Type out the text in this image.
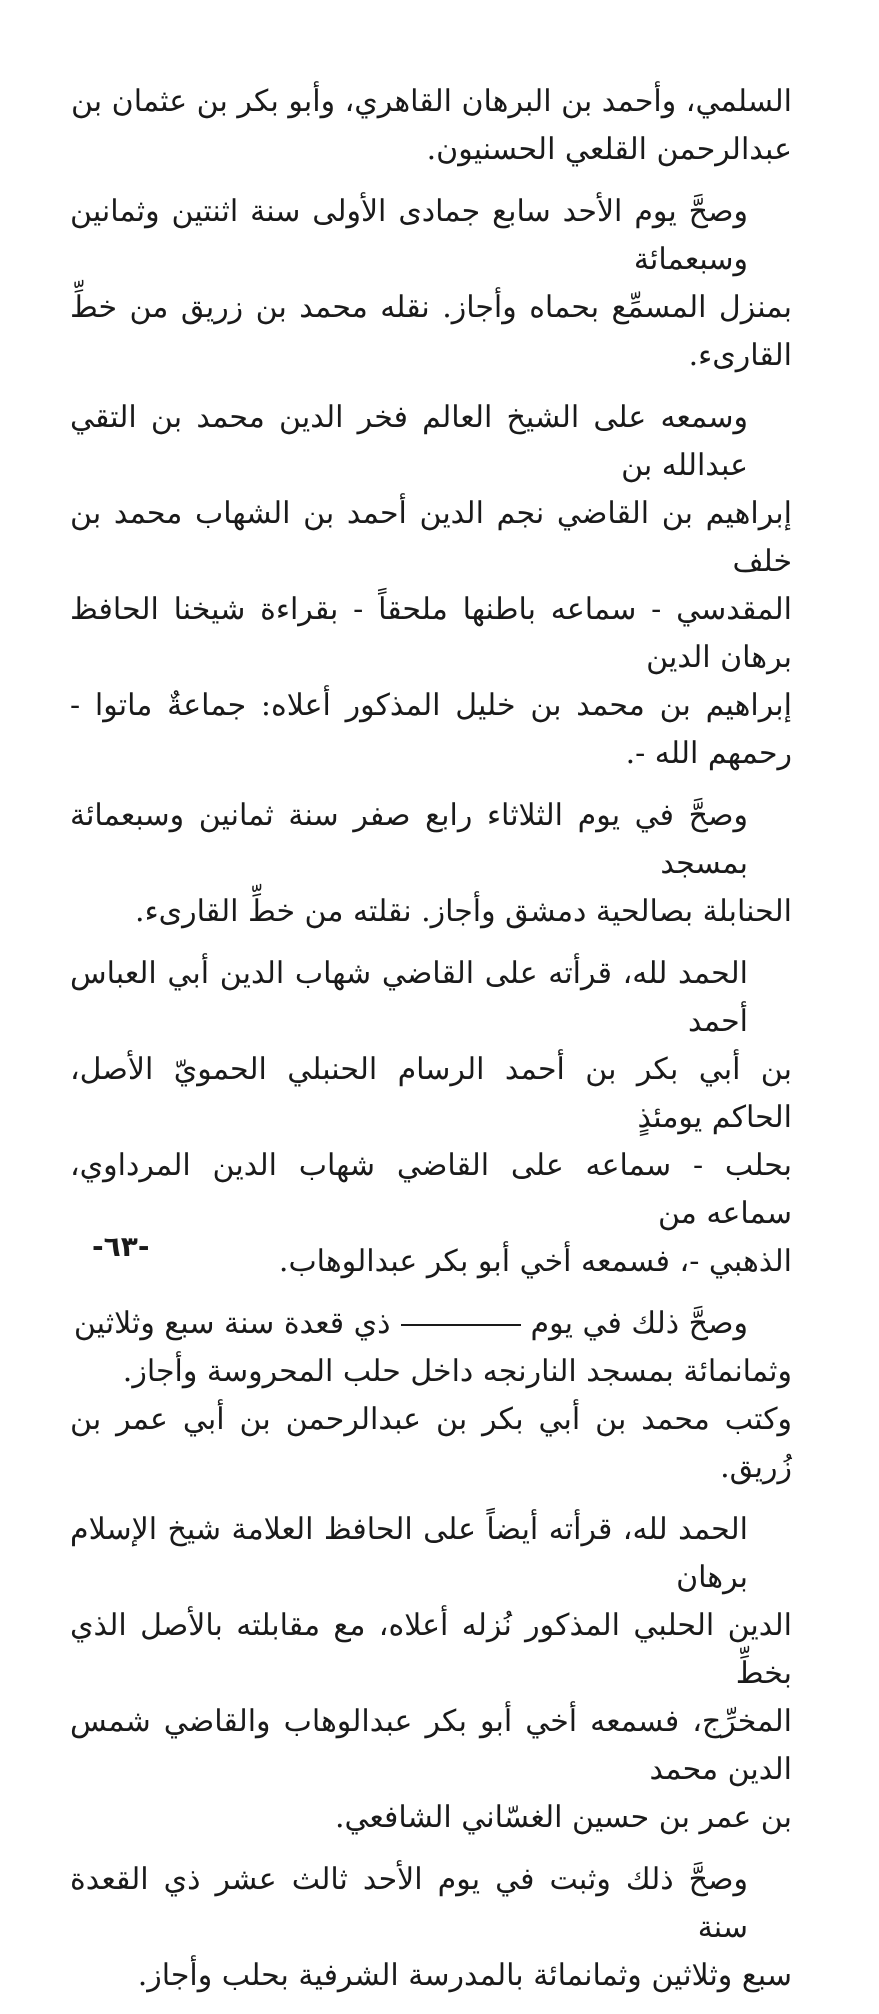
السلمي، وأحمد بن البرهان القاهري، وأبو بكر بن عثمان بن
عبدالرحمن القلعي الحسنيون.
وصحَّ يوم الأحد سابع جمادى الأولى سنة اثنتين وثمانين وسبعمائة
بمنزل المسمِّع بحماه وأجاز. نقله محمد بن زريق من خطِّ القارىء.
وسمعه على الشيخ العالم فخر الدين محمد بن التقي عبدالله بن
إبراهيم بن القاضي نجم الدين أحمد بن الشهاب محمد بن خلف
المقدسي - سماعه باطنها ملحقاً - بقراءة شيخنا الحافظ برهان الدين
إبراهيم بن محمد بن خليل المذكور أعلاه: جماعةٌ ماتوا - رحمهم الله -.
وصحَّ في يوم الثلاثاء رابع صفر سنة ثمانين وسبعمائة بمسجد
الحنابلة بصالحية دمشق وأجاز. نقلته من خطِّ القارىء.
الحمد لله، قرأته على القاضي شهاب الدين أبي العباس أحمد
بن أبي بكر بن أحمد الرسام الحنبلي الحمويّ الأصل، الحاكم يومئذٍ
بحلب - سماعه على القاضي شهاب الدين المرداوي، سماعه من
الذهبي -، فسمعه أخي أبو بكر عبدالوهاب.
وصحَّ ذلك في يومذي قعدة سنة سبع وثلاثين
وثمانمائة بمسجد النارنجه داخل حلب المحروسة وأجاز.
وكتب محمد بن أبي بكر بن عبدالرحمن بن أبي عمر بن زُريق.
الحمد لله، قرأته أيضاً على الحافظ العلامة شيخ الإسلام برهان
الدين الحلبي المذكور نُزله أعلاه، مع مقابلته بالأصل الذي بخطِّ
المخرِّج، فسمعه أخي أبو بكر عبدالوهاب والقاضي شمس الدين محمد
بن عمر بن حسين الغسّاني الشافعي.
وصحَّ ذلك وثبت في يوم الأحد ثالث عشر ذي القعدة سنة
سبع وثلاثين وثمانمائة بالمدرسة الشرفية بحلب وأجاز.
-٦٣-
